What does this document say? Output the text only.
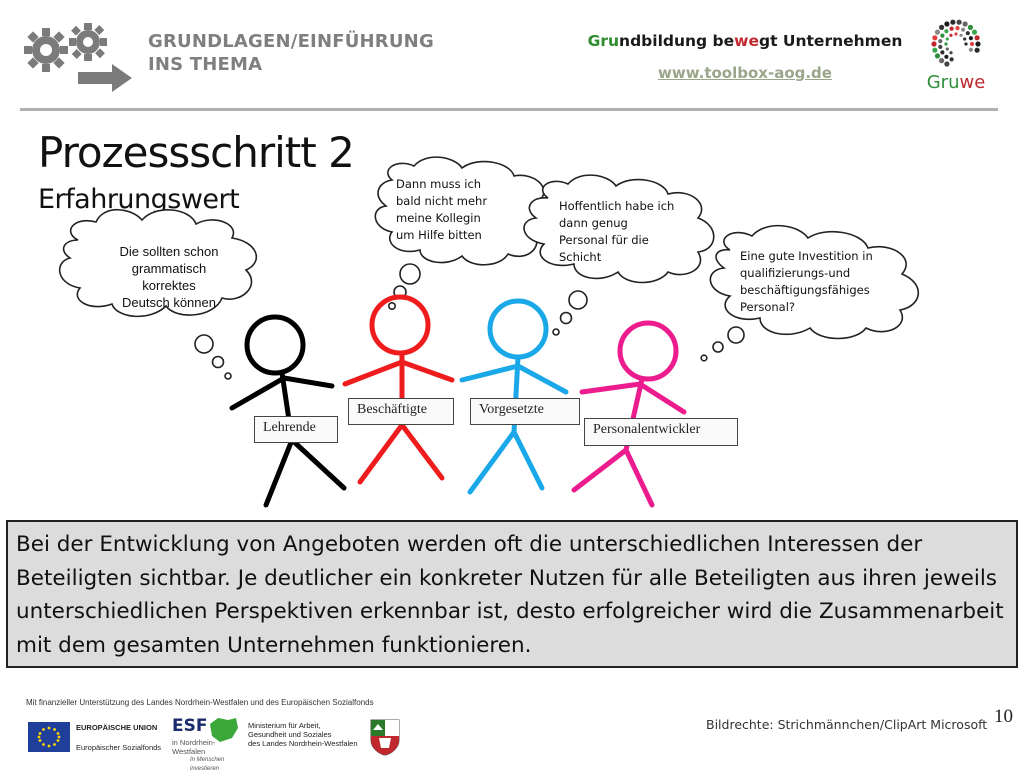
GRUNDLAGEN/EINFÜHRUNG
INS THEMA
Grundbildung bewegt Unternehmen
www.toolbox-aog.de	Gruwe
Prozessschritt 2
Erfahrungswert
Die sollten schon
grammatisch
korrektes
Deutsch können
Dann muss ich
bald nicht mehr
meine Kollegin
um Hilfe bitten
Hoffentlich habe ich
dann genug
Personal für die
Schicht	Eine gute Investition in
qualifizierungs-und
beschäftigungsfähiges
Personal?
Lehrende
Beschäftigte	Vorgesetzte
Personalentwickler
Bei der Entwicklung von Angeboten werden oft die unterschiedlichen Interessen der Beteiligten sichtbar. Je deutlicher ein konkreter Nutzen für alle Beteiligten aus ihren jeweils unterschiedlichen Perspektiven erkennbar ist, desto erfolgreicher wird die Zusammenarbeit mit dem gesamten Unternehmen funktionieren.
Mit finanzieller Unterstützung des Landes Nordrhein-Westfalen und des Europäischen Sozialfonds
EUROPÄISCHE UNION
Europäischer Sozialfonds
ESF
in Nordrhein-
Westfalen
In Menschen investieren
Ministerium für Arbeit,
Gesundheit und Soziales
des Landes Nordrhein-Westfalen
Bildrechte: Strichmännchen/ClipArt Microsoft 10
